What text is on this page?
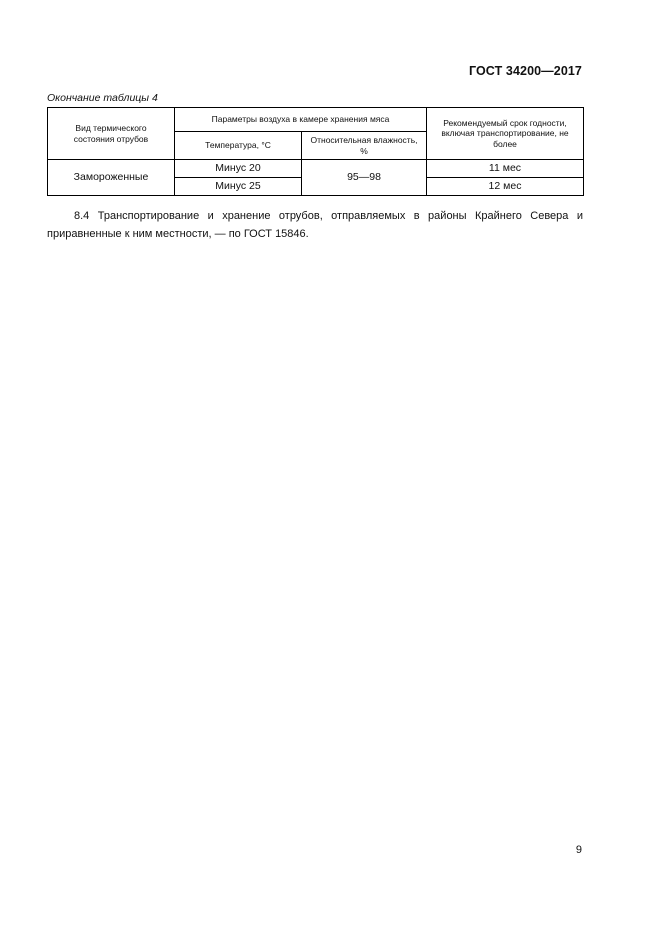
ГОСТ 34200—2017
Окончание таблицы 4
Вид термического состояния отрубов	Параметры воздуха в камере хранения мяса		Рекомендуемый срок годности, включая транспортирование, не более
	Температура, °С	Относительная влажность, %	
Замороженные	Минус 20	95—98	11 мес
	Минус 25		12 мес

8.4 Транспортирование и хранение отрубов, отправляемых в районы Крайнего Севера и приравненные к ним местности, — по ГОСТ 15846.

9
